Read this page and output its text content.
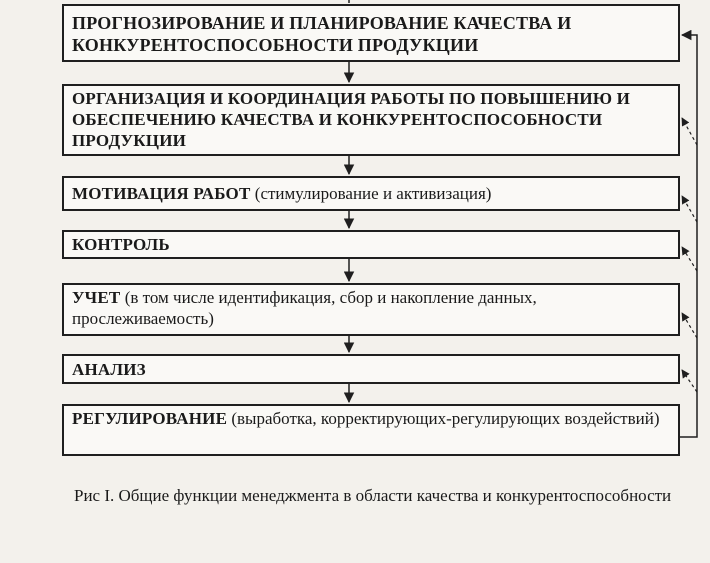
ПРОГНОЗИРОВАНИЕ И ПЛАНИРОВАНИЕ КАЧЕСТВА И КОНКУРЕНТОСПОСОБНОСТИ ПРОДУКЦИИ
ОРГАНИЗАЦИЯ И КООРДИНАЦИЯ РАБОТЫ ПО ПОВЫШЕНИЮ И ОБЕСПЕЧЕНИЮ КАЧЕСТВА И КОНКУРЕНТОСПОСОБНОСТИ ПРОДУКЦИИ
МОТИВАЦИЯ РАБОТ (стимулирование и активизация)
КОНТРОЛЬ
УЧЕТ (в том числе идентификация, сбор и накопление данных, прослеживаемость)
АНАЛИЗ
РЕГУЛИРОВАНИЕ (выработка, корректирующих-регулирующих воздействий)
Рис I. Общие функции менеджмента в области качества и конкурентоспособности
